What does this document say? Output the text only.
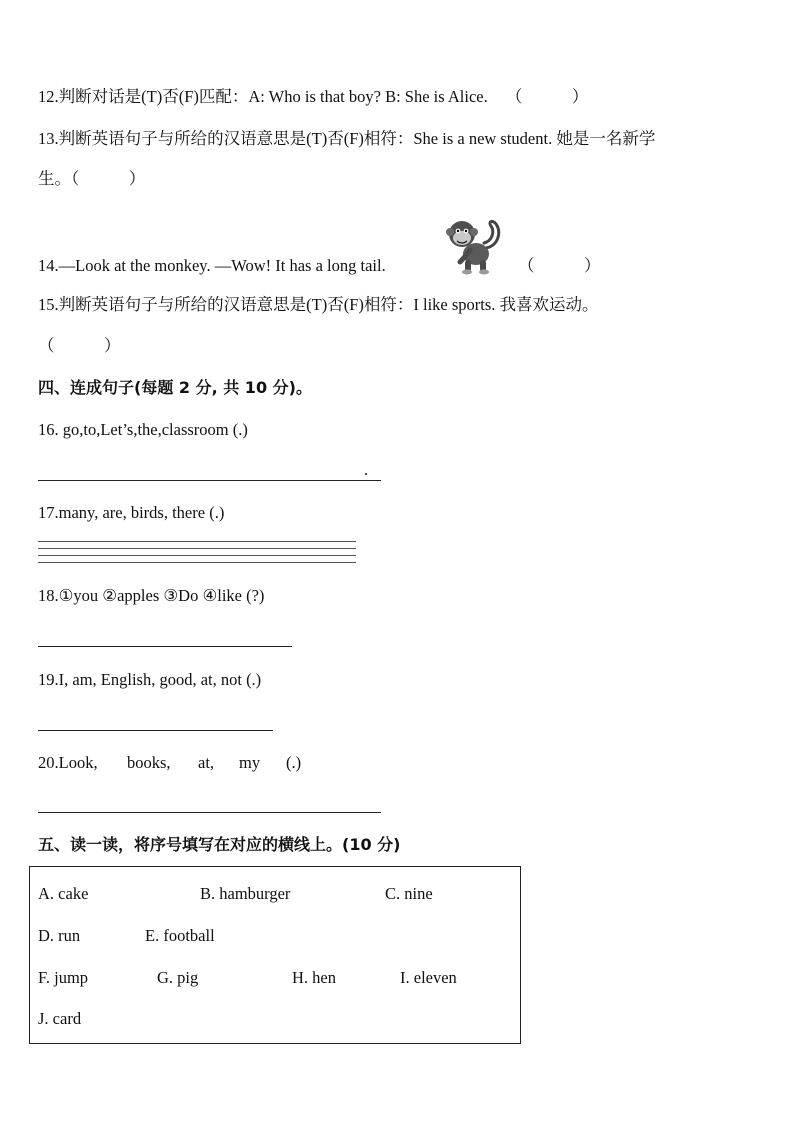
12.判断对话是(T)否(F)匹配：A: Who is that boy? B: She is Alice. （　　　）
13.判断英语句子与所给的汉语意思是(T)否(F)相符：She is a new student. 她是一名新学
生。（　　　）
14.—Look at the monkey. —Wow! It has a long tail.	（　　　）
15.判断英语句子与所给的汉语意思是(T)否(F)相符：I like sports. 我喜欢运动。
（　　　）
四、连成句子(每题 2 分, 共 10 分)。
16. go,to,Let’s,the,classroom (.)
.
17.many, are, birds, there (.)
18.①you ②apples ③Do ④like (?)
19.I, am, English, good, at, not (.)
20.Look, books, at, my (.)
五、读一读，将序号填写在对应的横线上。(10 分)
A. cake	B. hamburger	C. nine
D. run	E. football
F. jump	G. pig	H. hen	I. eleven
J. card
